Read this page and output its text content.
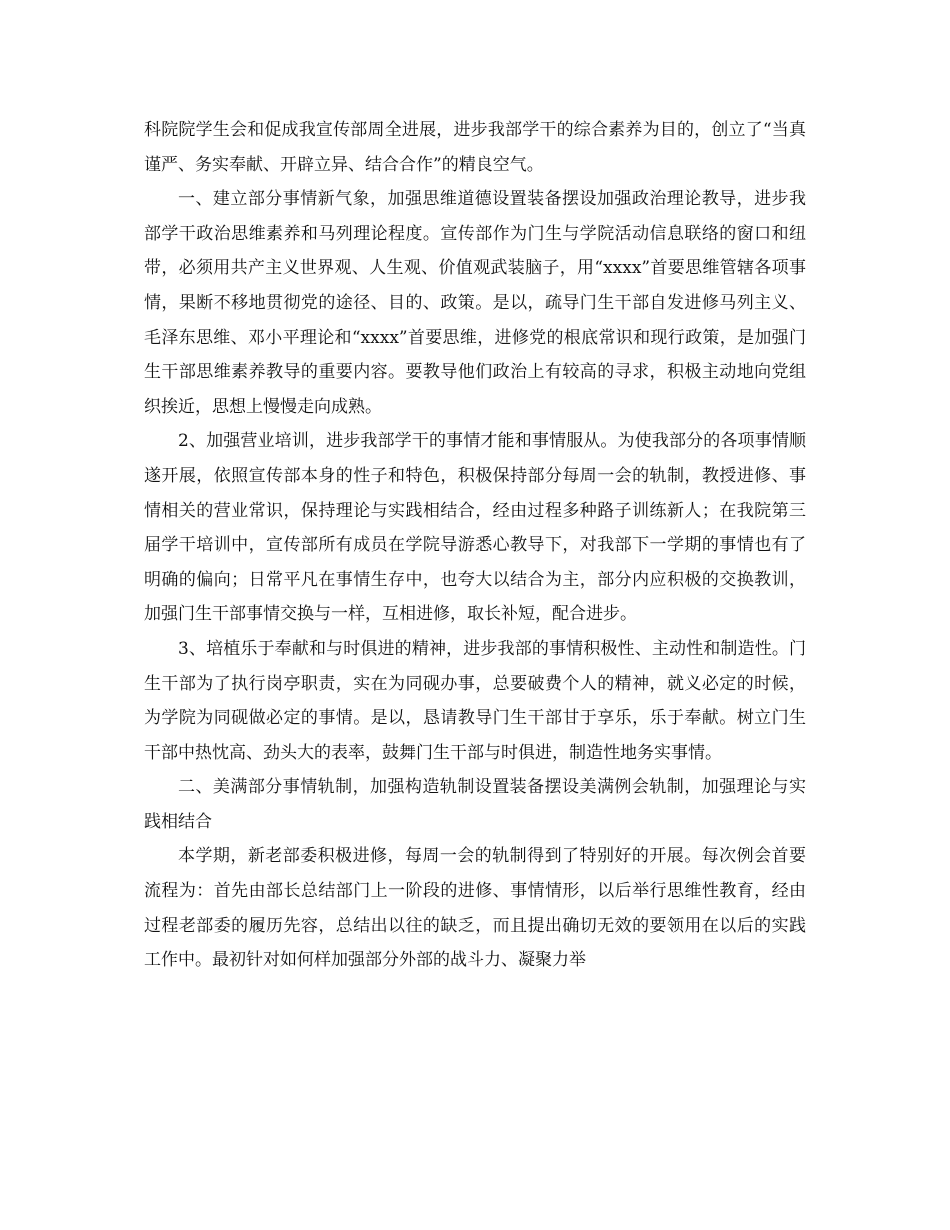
科院院学生会和促成我宣传部周全进展，进步我部学干的综合素养为目的，创立了“当真谨严、务实奉献、开辟立异、结合合作”的精良空气。

一、建立部分事情新气象，加强思维道德设置装备摆设加强政治理论教导，进步我部学干政治思维素养和马列理论程度。宣传部作为门生与学院活动信息联络的窗口和纽带，必须用共产主义世界观、人生观、价值观武装脑子，用“xxxx”首要思维管辖各项事情，果断不移地贯彻党的途径、目的、政策。是以，疏导门生干部自发进修马列主义、毛泽东思维、邓小平理论和“xxxx”首要思维，进修党的根底常识和现行政策，是加强门生干部思维素养教导的重要内容。要教导他们政治上有较高的寻求，积极主动地向党组织挨近，思想上慢慢走向成熟。

2、加强营业培训，进步我部学干的事情才能和事情服从。为使我部分的各项事情顺遂开展，依照宣传部本身的性子和特色，积极保持部分每周一会的轨制，教授进修、事情相关的营业常识，保持理论与实践相结合，经由过程多种路子训练新人；在我院第三届学干培训中，宣传部所有成员在学院导游悉心教导下，对我部下一学期的事情也有了明确的偏向；日常平凡在事情生存中，也夸大以结合为主，部分内应积极的交换教训，加强门生干部事情交换与一样，互相进修，取长补短，配合进步。

3、培植乐于奉献和与时俱进的精神，进步我部的事情积极性、主动性和制造性。门生干部为了执行岗亭职责，实在为同砚办事，总要破费个人的精神，就义必定的时候，为学院为同砚做必定的事情。是以，恳请教导门生干部甘于享乐，乐于奉献。树立门生干部中热忱高、劲头大的表率，鼓舞门生干部与时俱进，制造性地务实事情。

二、美满部分事情轨制，加强构造轨制设置装备摆设美满例会轨制，加强理论与实践相结合

本学期，新老部委积极进修，每周一会的轨制得到了特别好的开展。每次例会首要流程为：首先由部长总结部门上一阶段的进修、事情情形，以后举行思维性教育，经由过程老部委的履历先容，总结出以往的缺乏，而且提出确切无效的要领用在以后的实践工作中。最初针对如何样加强部分外部的战斗力、凝聚力举
